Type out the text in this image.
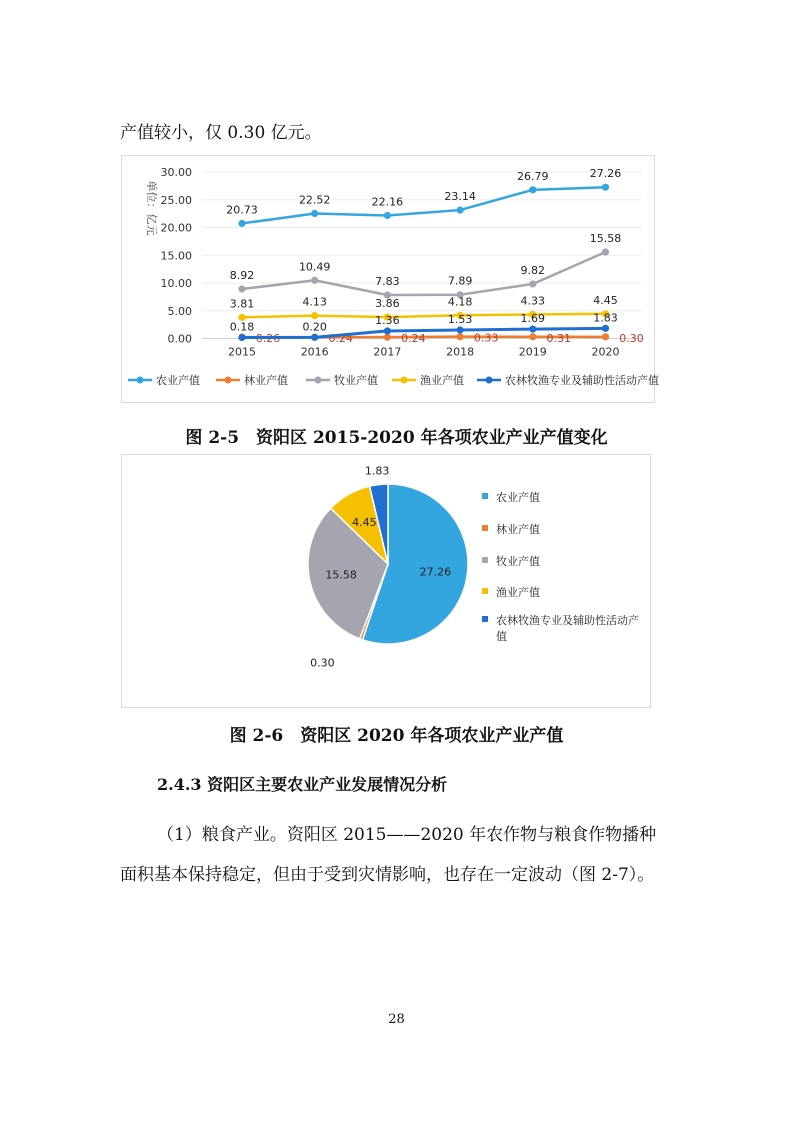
产值较小，仅 0.30 亿元。
单位：亿元
0.00
5.00
10.00
15.00
20.00
25.00
30.00
2015	2016	2017	2018	2019	2020
20.73
22.52	22.16	23.14
26.79	27.26
0.26	0.24	0.24	0.33	0.31	0.30
8.92
10.49
7.83	7.89
9.82
15.58
3.81	4.13	3.86	4.18	4.33	4.45
0.18	0.20	1.36	1.53	1.69	1.83
农业产值	林业产值	牧业产值	渔业产值	农林牧渔专业及辅助性活动产值
图 2-5　资阳区 2015-2020 年各项农业产业产值变化
27.26
0.30
15.58
4.45
1.83
农业产值
林业产值
牧业产值
渔业产值
农林牧渔专业及辅助性活动产值
图 2-6　资阳区 2020 年各项农业产业产值
2.4.3 资阳区主要农业产业发展情况分析
（1）粮食产业。资阳区 2015——2020 年农作物与粮食作物播种
面积基本保持稳定，但由于受到灾情影响，也存在一定波动（图 2-7）。
28
